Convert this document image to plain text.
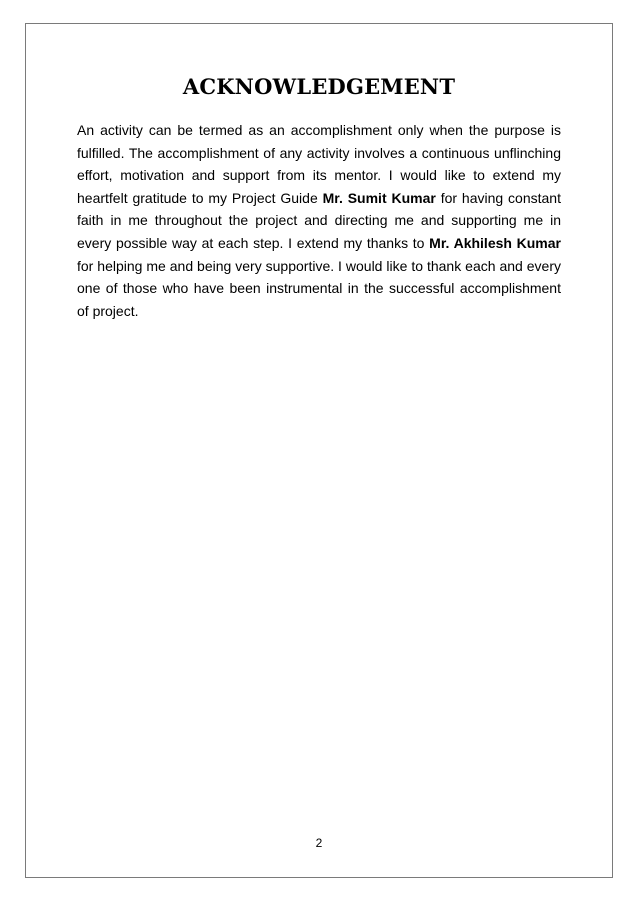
ACKNOWLEDGEMENT

An activity can be termed as an accomplishment only when the purpose is fulfilled. The accomplishment of any activity involves a continuous unflinching effort, motivation and support from its mentor. I would like to extend my heartfelt gratitude to my Project Guide Mr. Sumit Kumar for having constant faith in me throughout the project and directing me and supporting me in every possible way at each step. I extend my thanks to Mr. Akhilesh Kumar for helping me and being very supportive. I would like to thank each and every one of those who have been instrumental in the successful accomplishment of project.

2
